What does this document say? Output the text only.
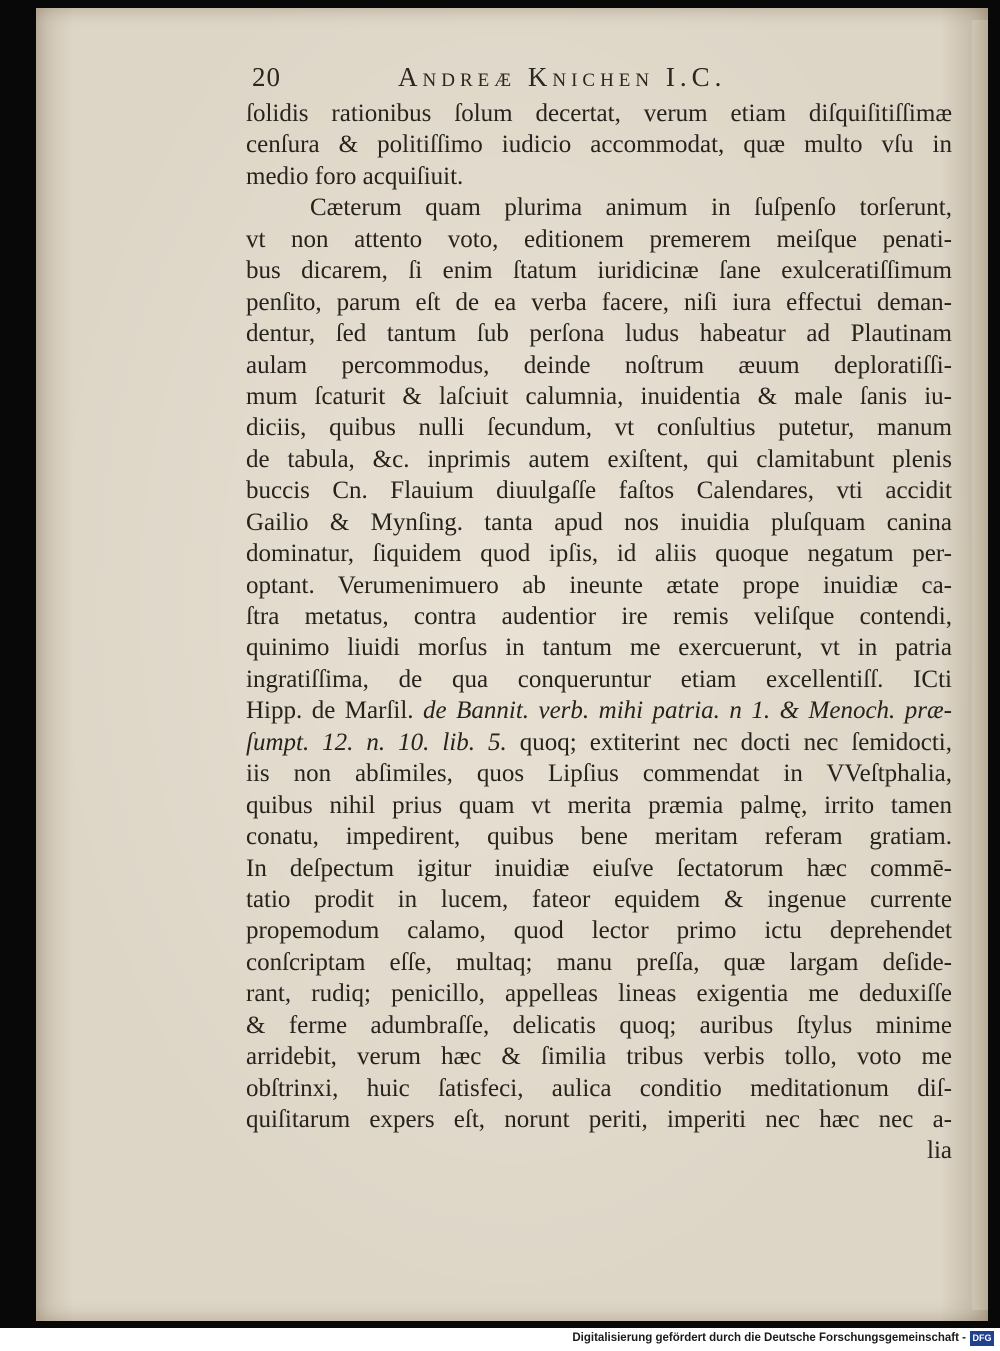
20	Andreæ Knichen I.C.
ſolidis rationibus ſolum decertat, verum etiam diſquiſitiſſimæ
cenſura & politiſſimo iudicio accommodat, quæ multo vſu in
medio foro acquiſiuit.
Cæterum quam plurima animum in ſuſpenſo torſerunt,
vt non attento voto, editionem premerem meiſque penati-
bus dicarem, ſi enim ſtatum iuridicinæ ſane exulceratiſſimum
penſito, parum eſt de ea verba facere, niſi iura effectui deman-
dentur, ſed tantum ſub perſona ludus habeatur ad Plautinam
aulam percommodus, deinde noſtrum æuum deploratiſſi-
mum ſcaturit & laſciuit calumnia, inuidentia & male ſanis iu-
diciis, quibus nulli ſecundum, vt conſultius putetur, manum
de tabula, &c. inprimis autem exiſtent, qui clamitabunt plenis
buccis Cn. Flauium diuulgaſſe faſtos Calendares, vti accidit
Gailio & Mynſing. tanta apud nos inuidia pluſquam canina
dominatur, ſiquidem quod ipſis, id aliis quoque negatum per-
optant. Verumenimuero ab ineunte ætate prope inuidiæ ca-
ſtra metatus, contra audentior ire remis veliſque contendi,
quinimo liuidi morſus in tantum me exercuerunt, vt in patria
ingratiſſima, de qua conqueruntur etiam excellentiſſ. ICti
Hipp. de Marſil. de Bannit. verb. mihi patria. n 1. & Menoch. præ-
ſumpt. 12. n. 10. lib. 5. quoq; extiterint nec docti nec ſemidocti,
iis non abſimiles, quos Lipſius commendat in VVeſtphalia,
quibus nihil prius quam vt merita præmia palmę, irrito tamen
conatu, impedirent, quibus bene meritam referam gratiam.
In deſpectum igitur inuidiæ eiuſve ſectatorum hæc commē-
tatio prodit in lucem, fateor equidem & ingenue currente
propemodum calamo, quod lector primo ictu deprehendet
conſcriptam eſſe, multaq; manu preſſa, quæ largam deſide-
rant, rudiq; penicillo, appelleas lineas exigentia me deduxiſſe
& ferme adumbraſſe, delicatis quoq; auribus ſtylus minime
arridebit, verum hæc & ſimilia tribus verbis tollo, voto me
obſtrinxi, huic ſatisfeci, aulica conditio meditationum diſ-
quiſitarum expers eſt, norunt periti, imperiti nec hæc nec a-
lia
Digitalisierung gefördert durch die Deutsche Forschungsgemeinschaft - DFG
